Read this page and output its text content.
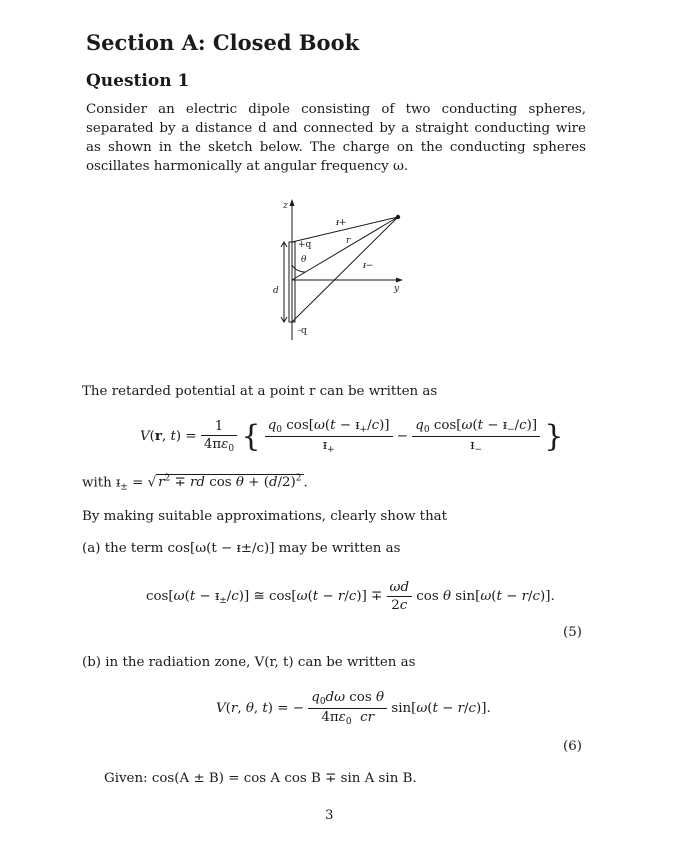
Section A: Closed Book
Question 1
Consider an electric dipole consisting of two conducting spheres, separated by a distance d and connected by a straight conducting wire as shown in the sketch below. The charge on the conducting spheres oscillates harmonically at angular frequency ω.
z
y
+q
-q
d
θ
r
ᵻ+
ᵻ−
The retarded potential at a point r can be written as
V(r, $t) = \frac{1}{4\pi\varepsilon_0}$ { $\frac{q_0 \cos[\omega(t - ᵻ_+/c)]}{ᵻ_+} - \frac{q_0 \cos[\omega(t - ᵻ_-/c)]}{ᵻ_-}$ }
with ᵻ$_\pm$ = √ $r^2$ ∓ rd $\cos \theta + (d/2)^2$ .
By making suitable approximations, clearly show that
(a) the term cos[ω(t − ᵻ±/c)] may be written as
cos[ω(t − ᵻ$_\pm$/c)] ≅ $\cos[\omega(t - r/c)] \mp \frac{\omega d}{2c}$ cos θ sin[ω(t − r/c)].
(5)
(b) in the radiation zone, V(r, t) can be written as
V(r, θ, t) = − $\frac{q_0d\omega \cos \theta}{4\pi\varepsilon_0 cr} \sin[\omega(t - r/c)]$.
(6)
Given: cos(A ± B) = cos A cos B ∓ sin A sin B.
3
